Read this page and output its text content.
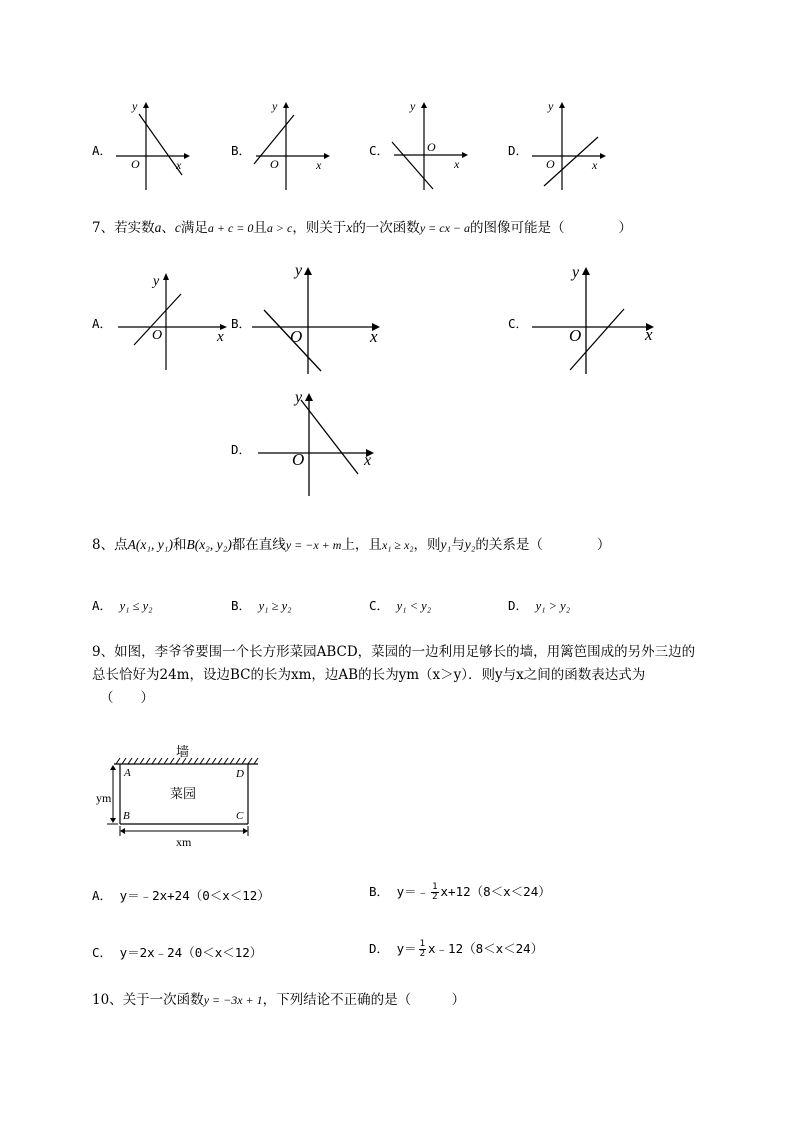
A．
y
x
O
B．
y
x
O
C．
y
x
O	D．
y
x
O
7、若实数a、c满足a + c = 0且a > c，则关于x的一次函数y = cx − a的图像可能是（　　　　）
A．
y
x
O
B．
y
x
O
C．
y
x
O
D．
y
x
O
8、点A(x₁, y₁)和B(x₂, y₂)都在直线y = −x + m上，且x₁ ≥ x₂，则y₁与y₂的关系是（　　　　）
A． y₁ ≤ y₂	B． y₁ ≥ y₂	C． y₁ < y₂	D． y₁ > y₂
9、如图，李爷爷要围一个长方形菜园ABCD，菜园的一边利用足够长的墙，用篱笆围成的另外三边的
总长恰好为24m，设边BC的长为xm，边AB的长为ym（x＞y）．则y与x之间的函数表达式为
（　　）
墙
菜园
A	D
B	C
ym
xm
A． y＝﹣2x+24（0＜x＜12）	B． y＝﹣ $\frac{1}{2} x+12(8<x<24)$
C． y＝2x﹣24（0＜x＜12）	D． $y= \frac{1}{2}$ x﹣12（8＜x＜24）
10、关于一次函数y = −3x + 1，下列结论不正确的是（　　　）
